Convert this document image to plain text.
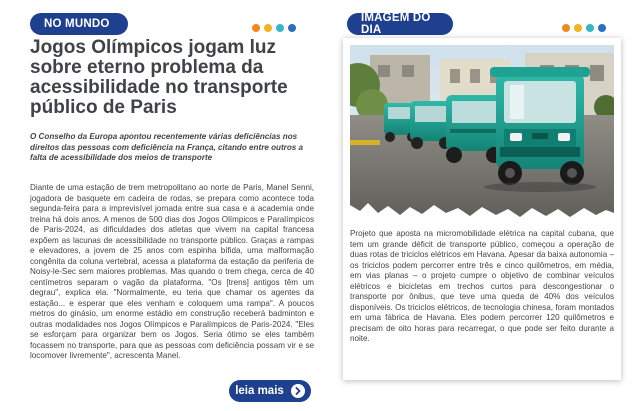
NO MUNDO
Jogos Olímpicos jogam luz sobre eterno problema da acessibilidade no transporte público de Paris

O Conselho da Europa apontou recentemente várias deficiências nos direitos das pessoas com deficiência na França, citando entre outros a falta de acessibilidade dos meios de transporte

Diante de uma estação de trem metropolitano ao norte de Paris, Manel Senni, jogadora de basquete em cadeira de rodas, se prepara como acontece toda segunda-feira para a imprevisível jornada entre sua casa e a academia onde treina há dois anos. A menos de 500 dias dos Jogos Olímpicos e Paralímpicos de Paris-2024, as dificuldades dos atletas que vivem na capital francesa expõem as lacunas de acessibilidade no transporte público. Graças a rampas e elevadores, a jovem de 25 anos com espinha bífida, uma malformação congênita da coluna vertebral, acessa a plataforma da estação da periferia de Noisy-le-Sec sem maiores problemas. Mas quando o trem chega, cerca de 40 centímetros separam o vagão da plataforma. "Os [trens] antigos têm um degrau", explica ela. "Normalmente, eu teria que chamar os agentes da estação... e esperar que eles venham e coloquem uma rampa". A poucos metros do ginásio, um enorme estádio em construção receberá badminton e outras modalidades nos Jogos Olímpicos e Paralímpicos de Paris-2024. "Eles se esforçam para organizar bem os Jogos. Seria ótimo se eles também focassem no transporte, para que as pessoas com deficiência possam vir e se locomover livremente", acrescenta Manel.

leia mais
IMAGEM DO DIA

Projeto que aposta na micromobilidade elétrica na capital cubana, que tem um grande déficit de transporte público, começou a operação de duas rotas de triciclos elétricos em Havana. Apesar da baixa autonomia – os triciclos podem percorrer entre três e cinco quilômetros, em média, em vias planas – o projeto cumpre o objetivo de combinar veículos elétricos e bicicletas em trechos curtos para descongestionar o transporte por ônibus, que teve uma queda de 40% dos veículos disponíveis. Os triciclos elétricos, de tecnologia chinesa, foram montados em uma fábrica de Havana. Eles podem percorrer 120 quilômetros e precisam de oito horas para recarregar, o que pode ser feito durante a noite.
